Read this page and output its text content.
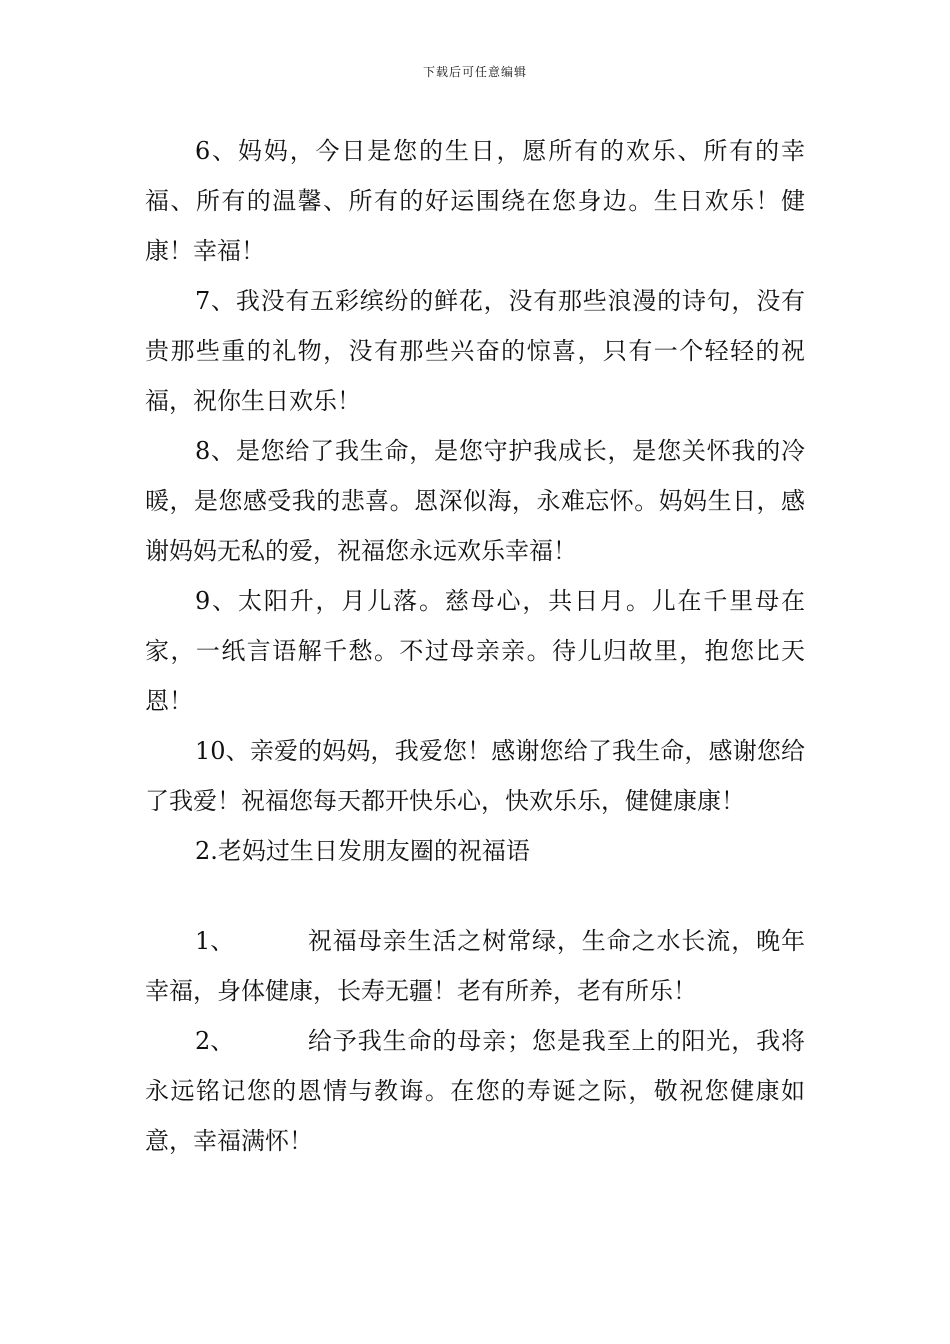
下载后可任意编辑

6、妈妈，今日是您的生日，愿所有的欢乐、所有的幸福、所有的温馨、所有的好运围绕在您身边。生日欢乐！健康！幸福！

7、我没有五彩缤纷的鲜花，没有那些浪漫的诗句，没有贵那些重的礼物，没有那些兴奋的惊喜，只有一个轻轻的祝福，祝你生日欢乐！

8、是您给了我生命，是您守护我成长，是您关怀我的冷暖，是您感受我的悲喜。恩深似海，永难忘怀。妈妈生日，感谢妈妈无私的爱，祝福您永远欢乐幸福！

9、太阳升，月儿落。慈母心，共日月。儿在千里母在家，一纸言语解千愁。不过母亲亲。待儿归故里，抱您比天恩！

10、亲爱的妈妈，我爱您！感谢您给了我生命，感谢您给了我爱！祝福您每天都开快乐心，快欢乐乐，健健康康！

2.老妈过生日发朋友圈的祝福语

1、	祝福母亲生活之树常绿，生命之水长流，晚年幸福，身体健康，长寿无疆！老有所养，老有所乐！

2、	给予我生命的母亲；您是我至上的阳光，我将永远铭记您的恩情与教诲。在您的寿诞之际，敬祝您健康如意，幸福满怀！
